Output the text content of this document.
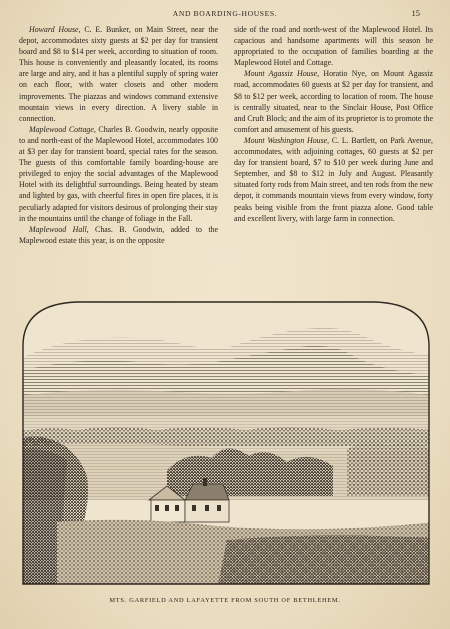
AND BOARDING-HOUSES.	15

Howard House, C. E. Bunker, on Main Street, near the depot, accommodates sixty guests at $2 per day for transient board and $8 to $14 per week, according to situation of room. This house is conveniently and pleasantly located, its rooms are large and airy, and it has a plentiful supply of spring water on each floor, with water closets and other modern improvements. The piazzas and windows command extensive mountain views in every direction. A livery stable in connection.

Maplewood Cottage, Charles B. Goodwin, nearly opposite to and north-east of the Maplewood Hotel, accommodates 100 at $3 per day for transient board, special rates for the season. The guests of this comfortable family boarding-house are privileged to enjoy the social advantages of the Maplewood Hotel with its delightful surroundings. Being heated by steam and lighted by gas, with cheerful fires in open fire places, it is peculiarly adapted for visitors desirous of prolonging their stay in the mountains until the change of foliage in the Fall.

Maplewood Hall, Chas. B. Goodwin, added to the Maplewood estate this year, is on the opposite

side of the road and north-west of the Maplewood Hotel. Its capacious and handsome apartments will this season be appropriated to the occupation of families boarding at the Maplewood Hotel and Cottage.

Mount Agassiz House, Horatio Nye, on Mount Agassiz road, accommodates 60 guests at $2 per day for transient, and $8 to $12 per week, according to location of room. The house is centrally situated, near to the Sinclair House, Post Office and Cruft Block; and the aim of its proprietor is to promote the comfort and amusement of his guests.

Mount Washington House, C. L. Bartlett, on Park Avenue, accommodates, with adjoining cottages, 60 guests at $2 per day for transient board, $7 to $10 per week during June and September, and $8 to $12 in July and August. Pleasantly situated forty rods from Main street, and ten rods from the new depot, it commands mountain views from every window, forty peaks being visible from the front piazza alone. Good table and excellent livery, with large farm in connection.

MTS. GARFIELD AND LAFAYETTE FROM SOUTH OF BETHLEHEM.
